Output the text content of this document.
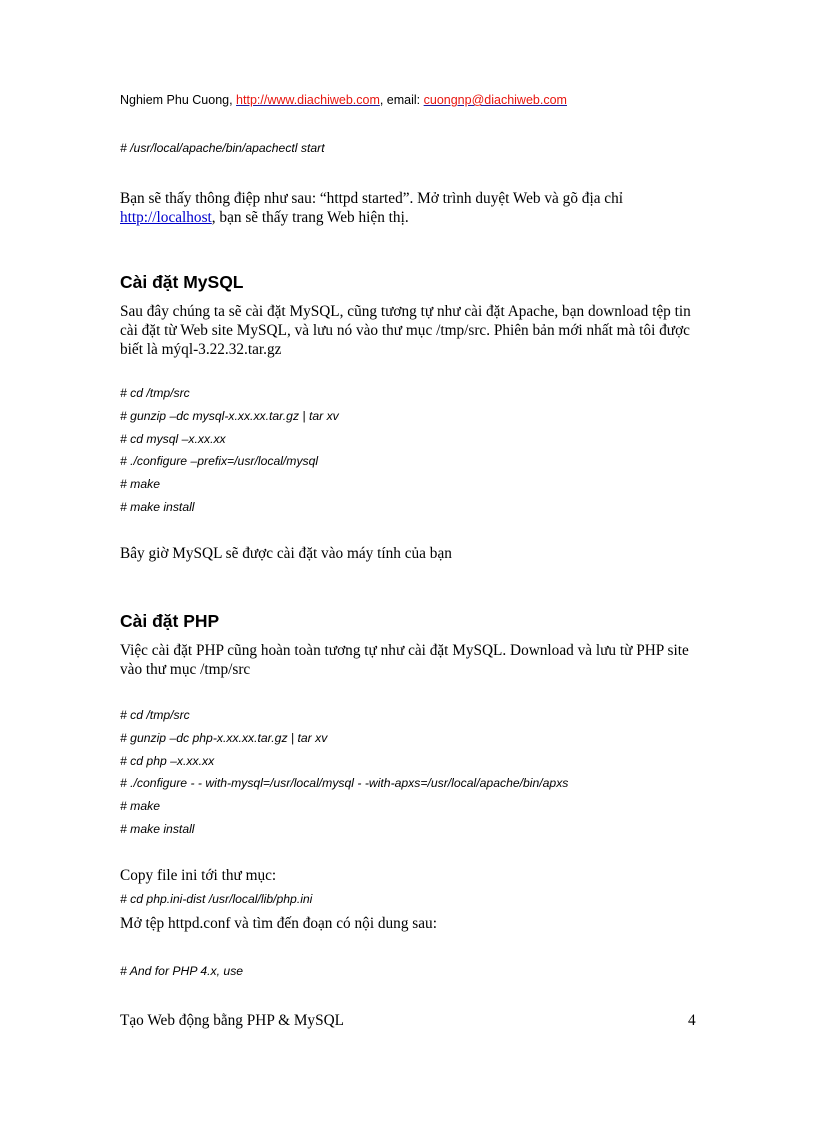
Nghiem Phu Cuong, http://www.diachiweb.com, email: cuongnp@diachiweb.com
# /usr/local/apache/bin/apachectl start
Bạn sẽ thấy thông điệp như sau: “httpd started”. Mở trình duyệt Web và gõ địa chỉ http://localhost, bạn sẽ thấy trang Web hiện thị.
Cài đặt MySQL
Sau đây chúng ta sẽ cài đặt MySQL, cũng tương tự như cài đặt Apache, bạn download tệp tin cài đặt từ Web site MySQL, và lưu nó vào thư mục /tmp/src. Phiên bản mới nhất mà tôi được biết là mýql-3.22.32.tar.gz
# cd /tmp/src
# gunzip –dc mysql-x.xx.xx.tar.gz | tar xv
# cd mysql –x.xx.xx
# ./configure –prefix=/usr/local/mysql
# make
# make install
Bây giờ MySQL sẽ được cài đặt vào máy tính của bạn
Cài đặt PHP
Việc cài đặt PHP cũng hoàn toàn tương tự như cài đặt MySQL. Download và lưu từ PHP site vào thư mục /tmp/src
# cd /tmp/src
# gunzip –dc php-x.xx.xx.tar.gz | tar xv
# cd php –x.xx.xx
# ./configure - - with-mysql=/usr/local/mysql - -with-apxs=/usr/local/apache/bin/apxs
# make
# make install
Copy file ini tới thư mục:
# cd php.ini-dist /usr/local/lib/php.ini
Mở tệp httpd.conf và tìm đến đoạn có nội dung sau:
# And for PHP 4.x, use
Tạo Web động bằng PHP & MySQL	4
